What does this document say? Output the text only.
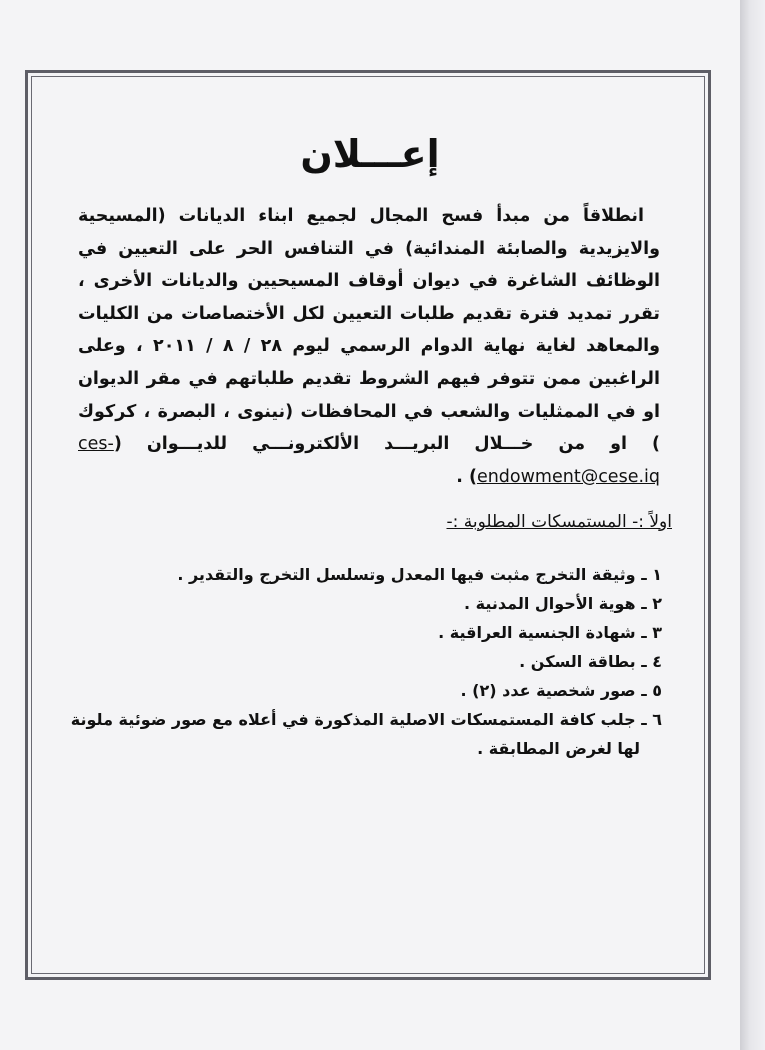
إعـــلان

انطلاقاً من مبدأ فسح المجال لجميع ابناء الديانات (المسيحية والايزيدية والصابئة المندائية) في التنافس الحر على التعيين في الوظائف الشاغرة في ديوان أوقاف المسيحيين والديانات الأخرى ، تقرر تمديد فترة تقديم طلبات التعيين لكل الأختصاصات من الكليات والمعاهد لغاية نهاية الدوام الرسمي ليوم ٢٨ / ٨ / ٢٠١١ ، وعلى الراغبين ممن تتوفر فيهم الشروط تقديم طلباتهم في مقر الديوان او في الممثليات والشعب في المحافظات (نينوى ، البصرة ، كركوك ) او من خـــلال البريـــد الألكترونـــي للديـــوان (ces-endowment@cese.iq) .

اولاً :- المستمسكات المطلوبة :-

١ ـ وثيقة التخرج مثبت فيها المعدل وتسلسل التخرج والتقدير .
٢ ـ هوية الأحوال المدنية .
٣ ـ شهادة الجنسية العراقية .
٤ ـ بطاقة السكن .
٥ ـ صور شخصية عدد (٢) .
٦ ـ جلب كافة المستمسكات الاصلية المذكورة في أعلاه مع صور ضوئية ملونة
لها لغرض المطابقة .
